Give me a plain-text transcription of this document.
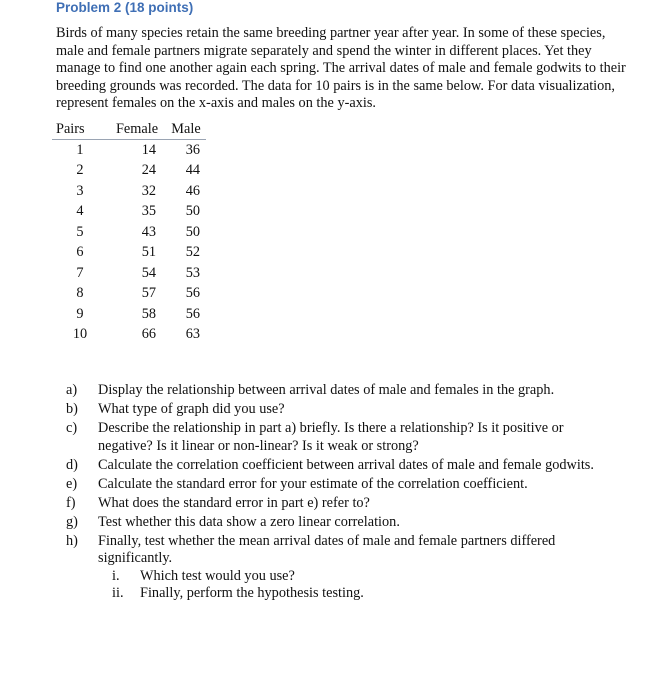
Problem 2 (18 points)

Birds of many species retain the same breeding partner year after year. In some of these species, male and female partners migrate separately and spend the winter in different places. Yet they manage to find one another again each spring. The arrival dates of male and female godwits to their breeding grounds was recorded. The data for 10 pairs is in the same below. For data visualization, represent females on the x-axis and males on the y-axis.

Pairs	Female	Male
1	14	36
2	24	44
3	32	46
4	35	50
5	43	50
6	51	52
7	54	53
8	57	56
9	58	56
10	66	63
a) Display the relationship between arrival dates of male and females in the graph.
b) What type of graph did you use?
c) Describe the relationship in part a) briefly. Is there a relationship? Is it positive or negative? Is it linear or non-linear? Is it weak or strong?
d) Calculate the correlation coefficient between arrival dates of male and female godwits.
e) Calculate the standard error for your estimate of the correlation coefficient.
f) What does the standard error in part e) refer to?
g) Test whether this data show a zero linear correlation.
h) Finally, test whether the mean arrival dates of male and female partners differed significantly.
i. Which test would you use?
ii. Finally, perform the hypothesis testing.
